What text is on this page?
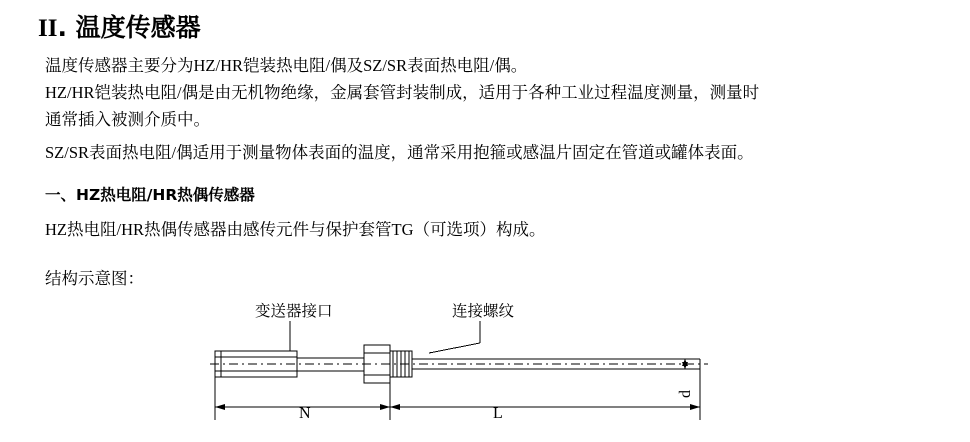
II. 温度传感器
温度传感器主要分为HZ/HR铠装热电阻/偶及SZ/SR表面热电阻/偶。
HZ/HR铠装热电阻/偶是由无机物绝缘，金属套管封装制成，适用于各种工业过程温度测量，测量时
通常插入被测介质中。
SZ/SR表面热电阻/偶适用于测量物体表面的温度，通常采用抱箍或感温片固定在管道或罐体表面。
一、HZ热电阻/HR热偶传感器
HZ热电阻/HR热偶传感器由感传元件与保护套管TG（可选项）构成。
结构示意图：
变送器接口	连接螺纹
N	L
d
